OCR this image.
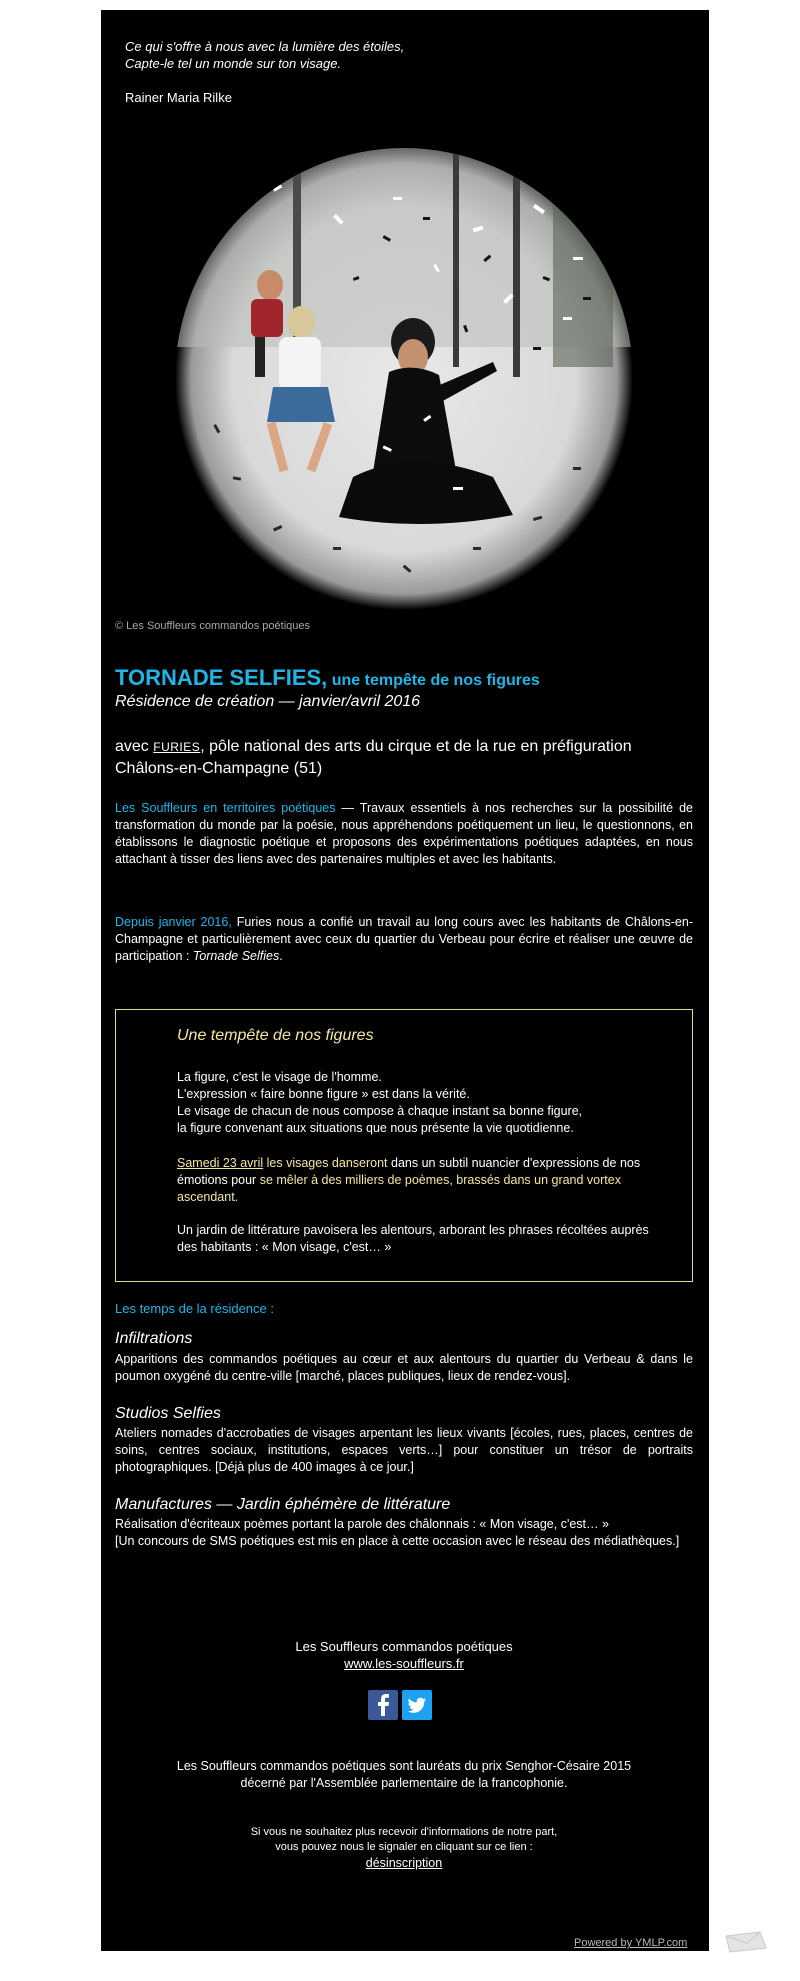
Ce qui s'offre à nous avec la lumière des étoiles,
Capte-le tel un monde sur ton visage.
Rainer Maria Rilke
© Les Souffleurs commandos poétiques
TORNADE SELFIES, une tempête de nos figures
Résidence de création — janvier/avril 2016
avec FURIES, pôle national des arts du cirque et de la rue en préfiguration
Châlons-en-Champagne (51)
Les Souffleurs en territoires poétiques — Travaux essentiels à nos recherches sur la possibilité de transformation du monde par la poésie, nous appréhendons poétiquement un lieu, le questionnons, en établissons le diagnostic poétique et proposons des expérimentations poétiques adaptées, en nous attachant à tisser des liens avec des partenaires multiples et avec les habitants.
Depuis janvier 2016, Furies nous a confié un travail au long cours avec les habitants de Châlons-en-Champagne et particulièrement avec ceux du quartier du Verbeau pour écrire et réaliser une œuvre de participation : Tornade Selfies.
Une tempête de nos figures
La figure, c'est le visage de l'homme.
L'expression « faire bonne figure » est dans la vérité.
Le visage de chacun de nous compose à chaque instant sa bonne figure,
la figure convenant aux situations que nous présente la vie quotidienne.
Samedi 23 avril les visages danseront dans un subtil nuancier d'expressions de nos émotions pour se mêler à des milliers de poèmes, brassés dans un grand vortex ascendant.
Un jardin de littérature pavoisera les alentours, arborant les phrases récoltées auprès des habitants : « Mon visage, c'est… »
Les temps de la résidence :
Infiltrations
Apparitions des commandos poétiques au cœur et aux alentours du quartier du Verbeau & dans le poumon oxygéné du centre-ville [marché, places publiques, lieux de rendez-vous].
Studios Selfies
Ateliers nomades d'accrobaties de visages arpentant les lieux vivants [écoles, rues, places, centres de soins, centres sociaux, institutions, espaces verts…] pour constituer un trésor de portraits photographiques. [Déjà plus de 400 images à ce jour.]
Manufactures — Jardin éphémère de littérature
Réalisation d'écriteaux poèmes portant la parole des châlonnais : « Mon visage, c'est… »
[Un concours de SMS poétiques est mis en place à cette occasion avec le réseau des médiathèques.]
Les Souffleurs commandos poétiques
www.les-souffleurs.fr
Les Souffleurs commandos poétiques sont lauréats du prix Senghor-Césaire 2015
décerné par l'Assemblée parlementaire de la francophonie.
Si vous ne souhaitez plus recevoir d'informations de notre part,
vous pouvez nous le signaler en cliquant sur ce lien :
désinscription
Powered by YMLP.com
